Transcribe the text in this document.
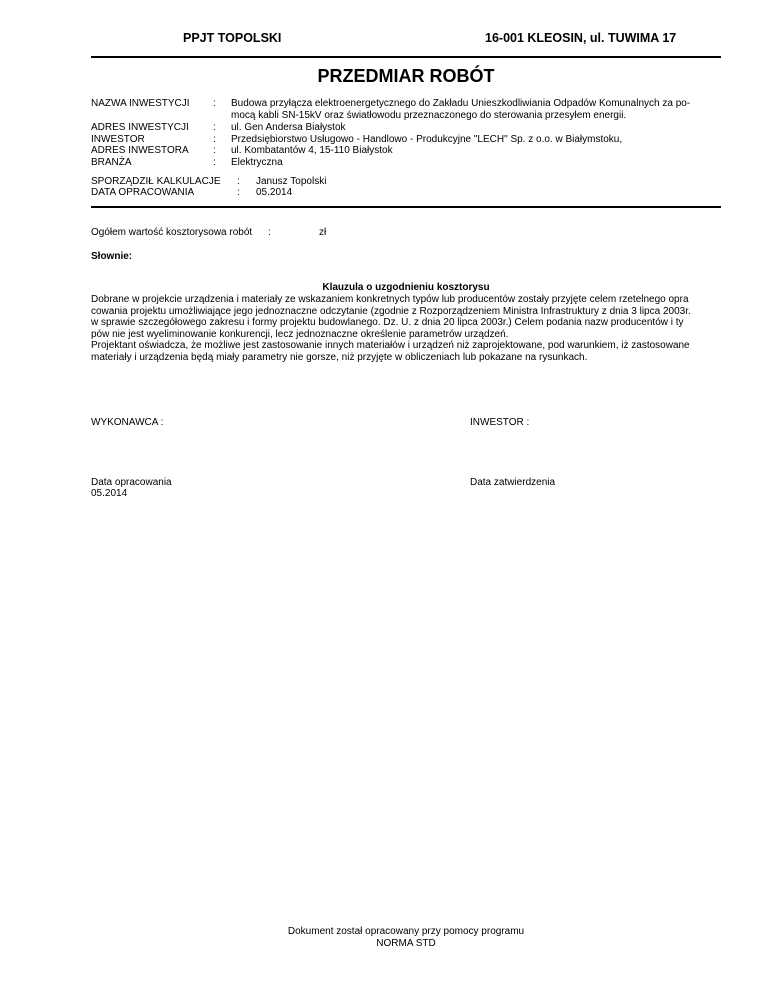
PPJT TOPOLSKI	16-001 KLEOSIN, ul. TUWIMA 17
PRZEDMIAR ROBÓT
NAZWA INWESTYCJI	:	Budowa przyłącza elektroenergetycznego do Zakładu Unieszkodliwiania Odpadów Komunalnych za po-
mocą kabli SN-15kV oraz światłowodu przeznaczonego do sterowania przesyłem energii.
ADRES INWESTYCJI	:	ul. Gen Andersa Białystok
INWESTOR	:	Przedsiębiorstwo Usługowo - Handlowo - Produkcyjne "LECH" Sp. z o.o. w Białymstoku,
ADRES INWESTORA	:	ul. Kombatantów 4, 15-110 Białystok
BRANŻA	:	Elektryczna
SPORZĄDZIŁ KALKULACJE	:	Janusz Topolski
DATA OPRACOWANIA	:	05.2014
Ogółem wartość kosztorysowa robót	:	zł
Słownie:
Klauzula o uzgodnieniu kosztorysu
Dobrane w projekcie urządzenia i materiały ze wskazaniem konkretnych typów lub producentów zostały przyjęte celem rzetelnego opra
cowania projektu umożliwiające jego jednoznaczne odczytanie (zgodnie z Rozporządzeniem Ministra Infrastruktury z dnia 3 lipca 2003r.
w sprawie szczegółowego zakresu i formy projektu budowlanego. Dz. U. z dnia 20 lipca 2003r.) Celem podania nazw producentów i ty
pów nie jest wyeliminowanie konkurencji, lecz jednoznaczne określenie parametrów urządzeń.
Projektant oświadcza, że możliwe jest zastosowanie innych materiałów i urządzeń niż zaprojektowane, pod warunkiem, iż zastosowane
materiały i urządzenia będą miały parametry nie gorsze, niż przyjęte w obliczeniach lub pokazane na rysunkach.
WYKONAWCA :	INWESTOR :
Data opracowania
05.2014
Data zatwierdzenia
Dokument został opracowany przy pomocy programu
NORMA STD
